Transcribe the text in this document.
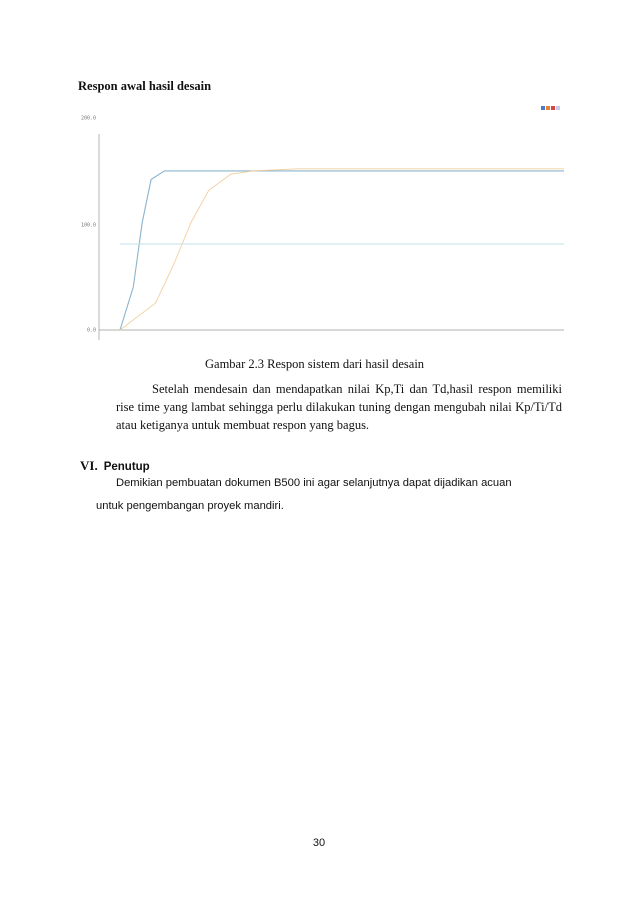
Respon awal hasil desain
0.0
100.0
200.0
Gambar 2.3 Respon sistem dari hasil desain
Setelah mendesain dan mendapatkan nilai Kp,Ti dan Td,hasil respon memiliki rise time yang lambat sehingga perlu dilakukan tuning dengan mengubah nilai Kp/Ti/Td atau ketiganya untuk membuat respon yang bagus.
VI. Penutup
Demikian pembuatan dokumen B500 ini agar selanjutnya dapat dijadikan acuan
untuk pengembangan proyek mandiri.
30
